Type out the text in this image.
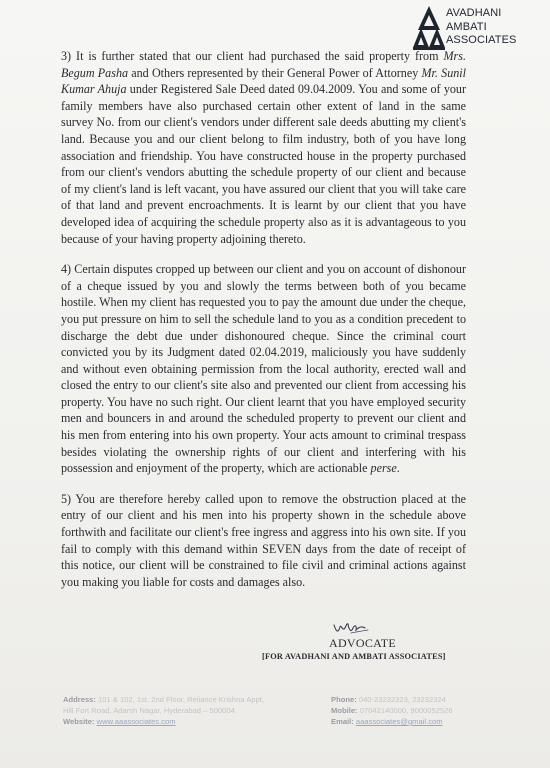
AVADHANI
AMBATI
ASSOCIATES

3) It is further stated that our client had purchased the said property from Mrs. Begum Pasha and Others represented by their General Power of Attorney Mr. Sunil Kumar Ahuja under Registered Sale Deed dated 09.04.2009. You and some of your family members have also purchased certain other extent of land in the same survey No. from our client's vendors under different sale deeds abutting my client's land. Because you and our client belong to film industry, both of you have long association and friendship. You have constructed house in the property purchased from our client's vendors abutting the schedule property of our client and because of my client's land is left vacant, you have assured our client that you will take care of that land and prevent encroachments. It is learnt by our client that you have developed idea of acquiring the schedule property also as it is advantageous to you because of your having property adjoining thereto.

4) Certain disputes cropped up between our client and you on account of dishonour of a cheque issued by you and slowly the terms between both of you became hostile. When my client has requested you to pay the amount due under the cheque, you put pressure on him to sell the schedule land to you as a condition precedent to discharge the debt due under dishonoured cheque. Since the criminal court convicted you by its Judgment dated 02.04.2019, maliciously you have suddenly and without even obtaining permission from the local authority, erected wall and closed the entry to our client's site also and prevented our client from accessing his property. You have no such right. Our client learnt that you have employed security men and bouncers in and around the scheduled property to prevent our client and his men from entering into his own property. Your acts amount to criminal trespass besides violating the ownership rights of our client and interfering with his possession and enjoyment of the property, which are actionable perse.

5) You are therefore hereby called upon to remove the obstruction placed at the entry of our client and his men into his property shown in the schedule above forthwith and facilitate our client's free ingress and aggress into his own site. If you fail to comply with this demand within SEVEN days from the date of receipt of this notice, our client will be constrained to file civil and criminal actions against you making you liable for costs and damages also.

ADVOCATE
[FOR AVADHANI AND AMBATI ASSOCIATES]
Address: 101 & 102, 1st, 2nd Floor, Reliance Krishna Appt,
Hill Fort Road, Adarsh Nagar, Hyderabad – 500004.
Website: www.aaassociates.com
Phone: 040-23232323, 23232324
Mobile: 07042140000, 9000052526
Email: aaassociates@gmail.com
